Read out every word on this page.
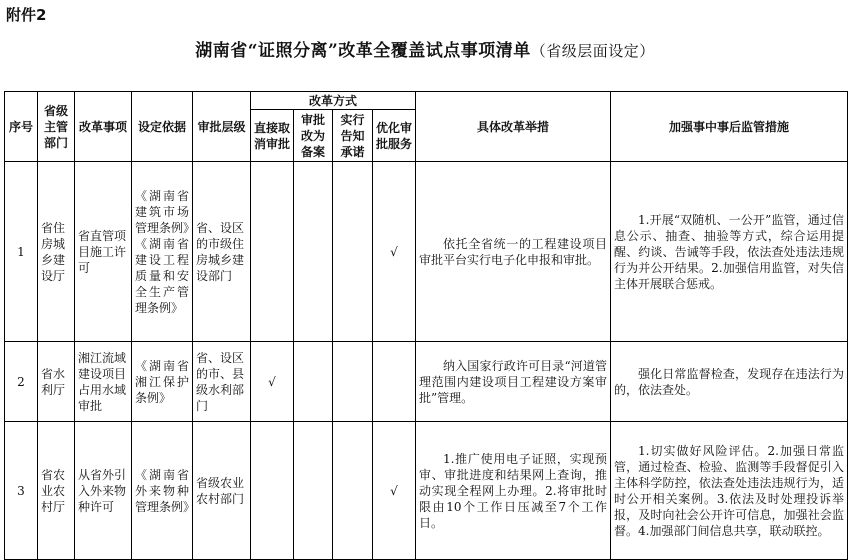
附件2
湖南省“证照分离”改革全覆盖试点事项清单（省级层面设定）
序号	省级主管部门	改革事项	设定依据	审批层级	改革方式				具体改革举措	加强事中事后监管措施
					直接取消审批	审批改为备案	实行告知承诺	优化审批服务		
1	省住房城乡建设厅	省直管项目施工许可	《湖南省建筑市场管理条例》《湖南省建设工程质量和安全生产管理条例》	省、设区的市级住房城乡建设部门				√	依托全省统一的工程建设项目审批平台实行电子化申报和审批。	1.开展“双随机、一公开”监管，通过信息公示、抽查、抽验等方式，综合运用提醒、约谈、告诫等手段，依法查处违法违规行为并公开结果。2.加强信用监管，对失信主体开展联合惩戒。
2	省水利厅	湘江流域建设项目占用水域审批	《湖南省湘江保护条例》	省、设区的市、县级水利部门	√				纳入国家行政许可目录“河道管理范围内建设项目工程建设方案审批”管理。	强化日常监督检查，发现存在违法行为的，依法查处。
3	省农业农村厅	从省外引入外来物种许可	《湖南省外来物种管理条例》	省级农业农村部门				√	1.推广使用电子证照，实现预审、审批进度和结果网上查询，推动实现全程网上办理。2.将审批时限由10个工作日压减至7个工作日。	1.切实做好风险评估。2.加强日常监管，通过检查、检验、监测等手段督促引入主体科学防控，依法查处违法违规行为，适时公开相关案例。3.依法及时处理投诉举报，及时向社会公开许可信息，加强社会监督。4.加强部门间信息共享，联动联控。
